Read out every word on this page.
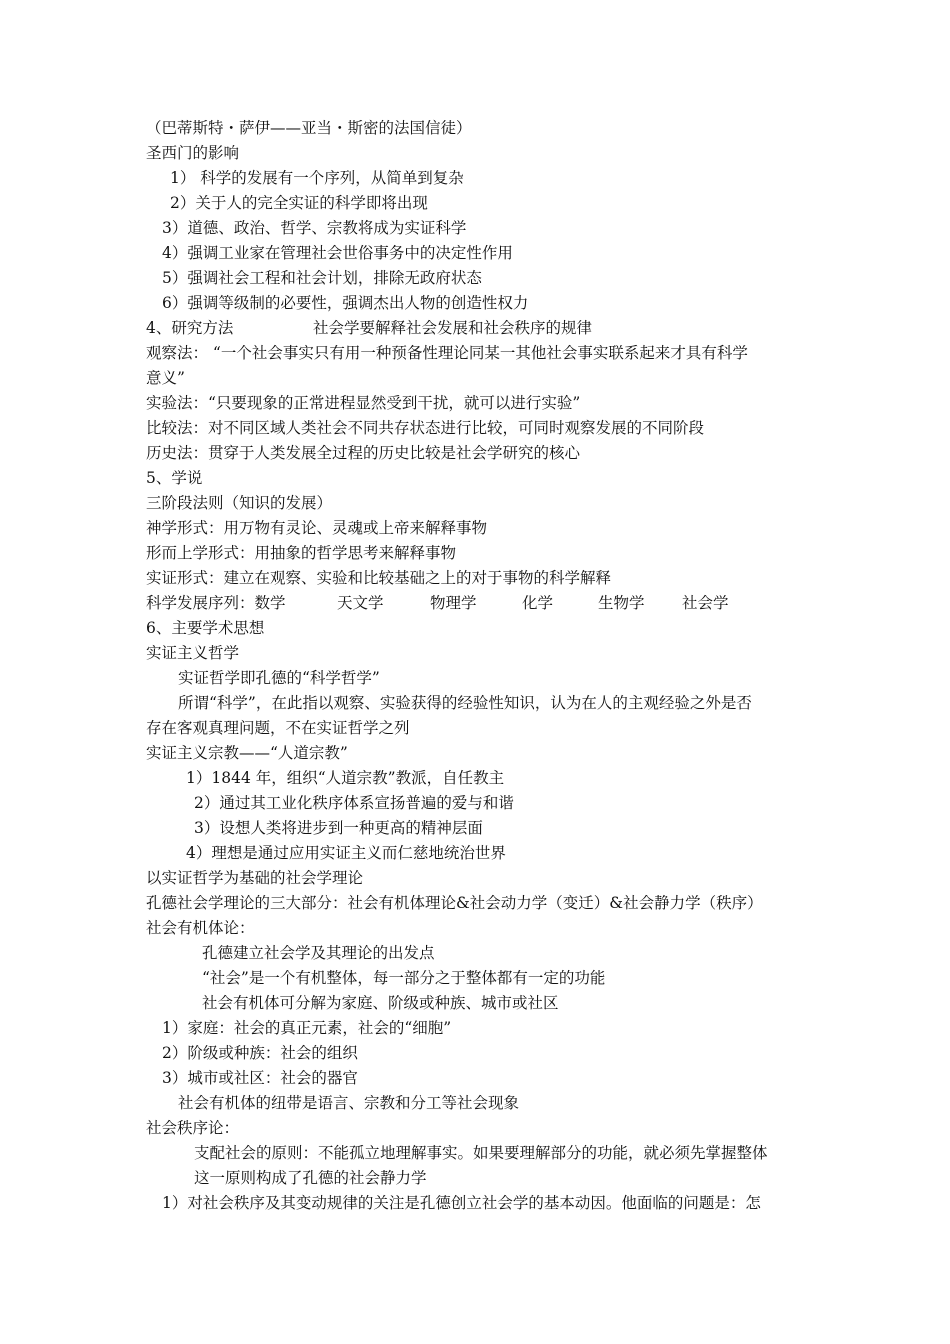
（巴蒂斯特・萨伊——亚当・斯密的法国信徒）
圣西门的影响
1） 科学的发展有一个序列，从简单到复杂
2）关于人的完全实证的科学即将出现
3）道德、政治、哲学、宗教将成为实证科学
4）强调工业家在管理社会世俗事务中的决定性作用
5）强调社会工程和社会计划，排除无政府状态
6）强调等级制的必要性，强调杰出人物的创造性权力
4、研究方法	社会学要解释社会发展和社会秩序的规律
观察法： “一个社会事实只有用一种预备性理论同某一其他社会事实联系起来才具有科学
意义”
实验法：“只要现象的正常进程显然受到干扰，就可以进行实验”
比较法：对不同区域人类社会不同共存状态进行比较，可同时观察发展的不同阶段
历史法：贯穿于人类发展全过程的历史比较是社会学研究的核心
5、学说
三阶段法则（知识的发展）
神学形式：用万物有灵论、灵魂或上帝来解释事物
形而上学形式：用抽象的哲学思考来解释事物
实证形式：建立在观察、实验和比较基础之上的对于事物的科学解释
科学发展序列：数学	天文学	物理学	化学	生物学 社会学
6、主要学术思想
实证主义哲学
实证哲学即孔德的“科学哲学”
所谓“科学”，在此指以观察、实验获得的经验性知识，认为在人的主观经验之外是否
存在客观真理问题，不在实证哲学之列
实证主义宗教——“人道宗教”
1）1844 年，组织“人道宗教”教派，自任教主
2）通过其工业化秩序体系宣扬普遍的爱与和谐
3）设想人类将进步到一种更高的精神层面
4）理想是通过应用实证主义而仁慈地统治世界
以实证哲学为基础的社会学理论
孔德社会学理论的三大部分：社会有机体理论&社会动力学（变迁）&社会静力学（秩序）
社会有机体论：
孔德建立社会学及其理论的出发点
“社会”是一个有机整体，每一部分之于整体都有一定的功能
社会有机体可分解为家庭、阶级或种族、城市或社区
1）家庭：社会的真正元素，社会的“细胞”
2）阶级或种族：社会的组织
3）城市或社区：社会的器官
社会有机体的纽带是语言、宗教和分工等社会现象
社会秩序论：
支配社会的原则：不能孤立地理解事实。如果要理解部分的功能，就必须先掌握整体
这一原则构成了孔德的社会静力学
1）对社会秩序及其变动规律的关注是孔德创立社会学的基本动因。他面临的问题是：怎
